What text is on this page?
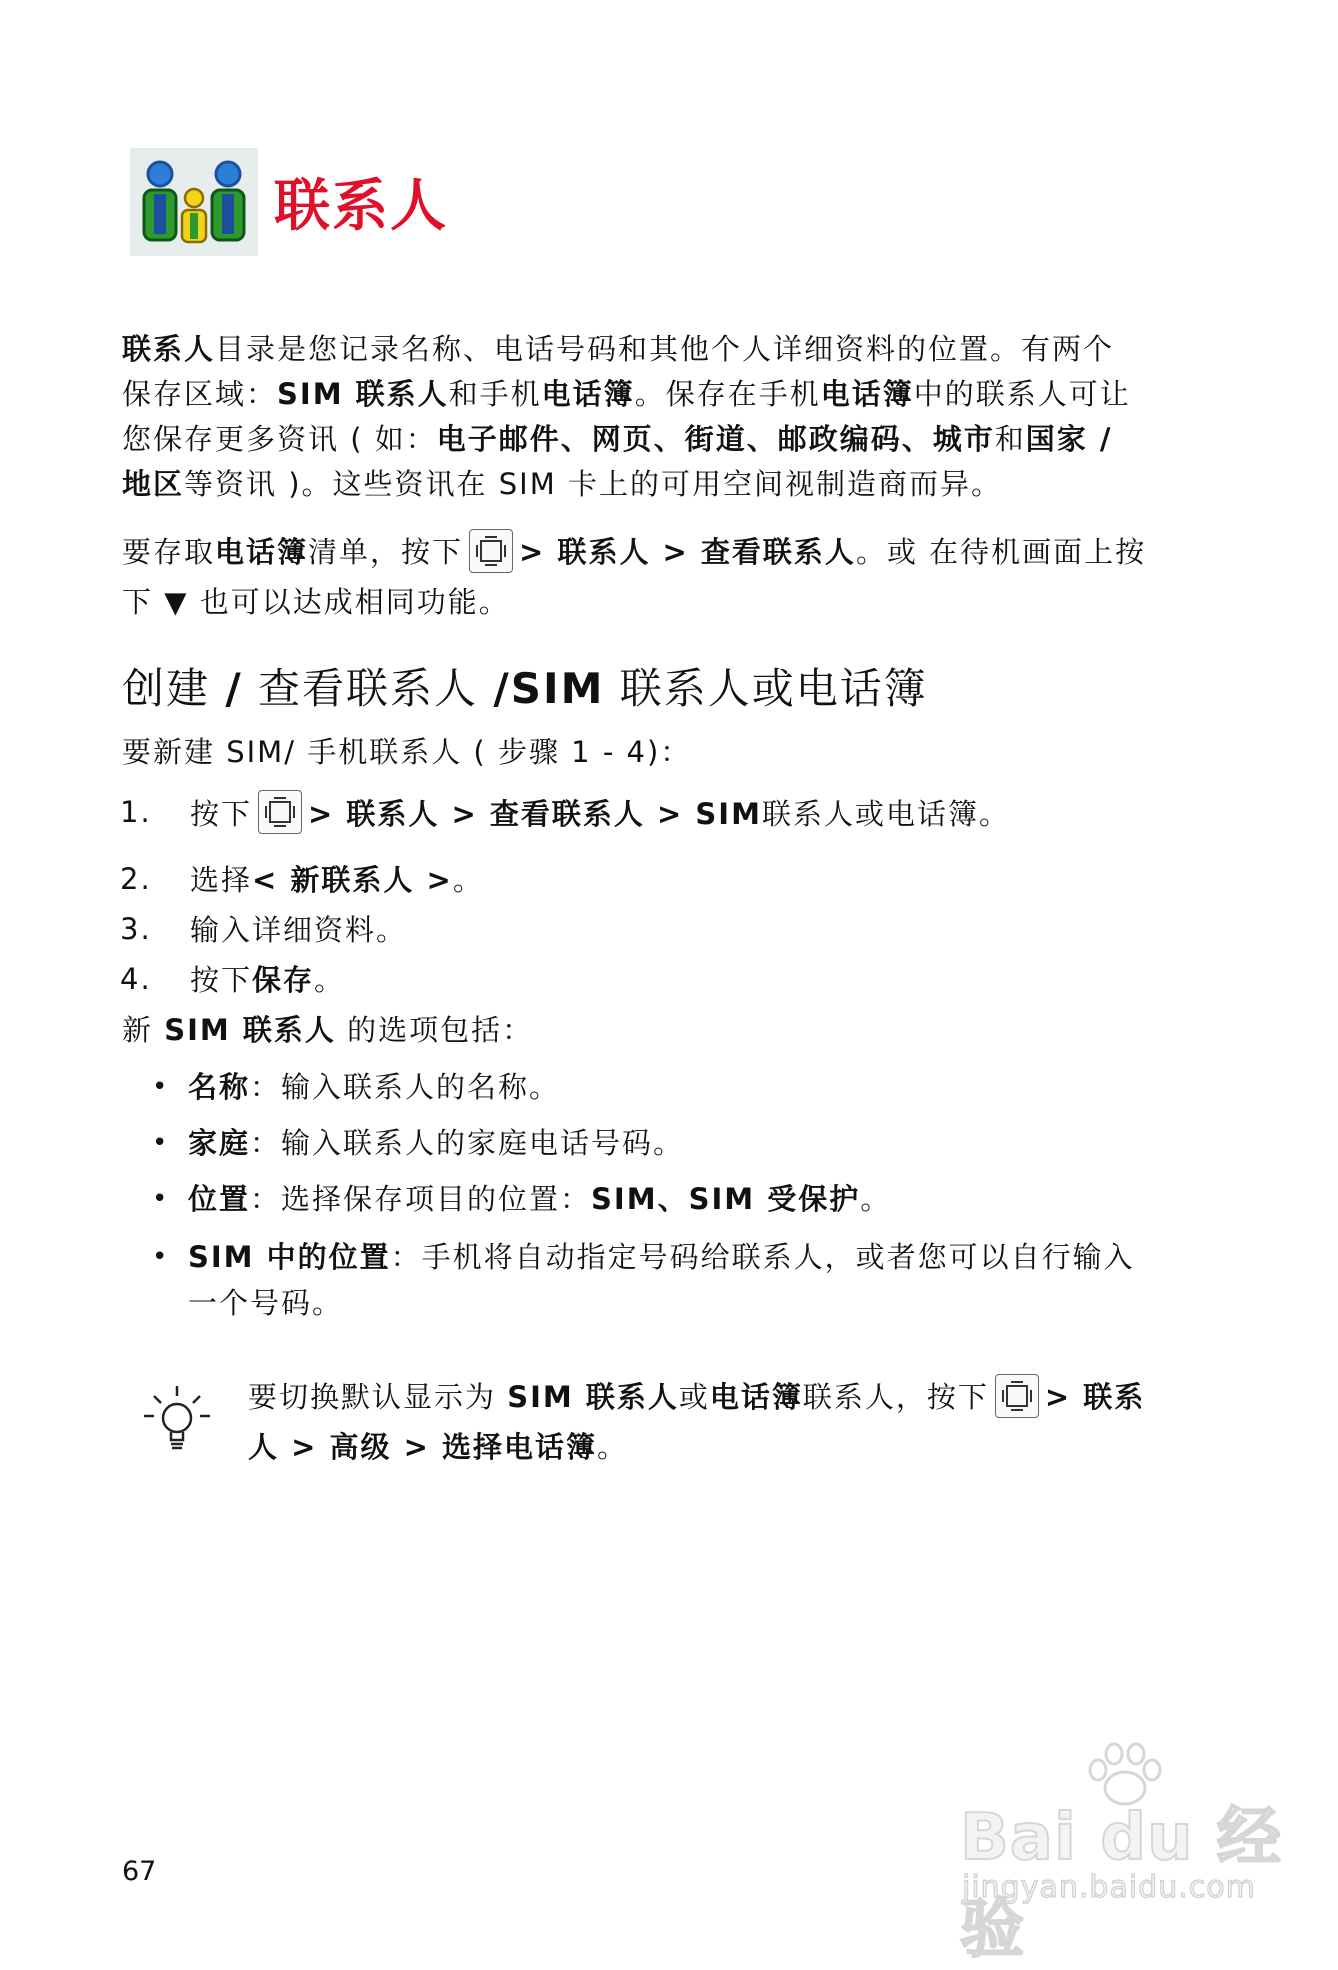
联系人
联系人目录是您记录名称、电话号码和其他个人详细资料的位置。有两个
保存区域：SIM 联系人和手机电话簿。保存在手机电话簿中的联系人可让
您保存更多资讯 ( 如：电子邮件、网页、街道、邮政编码、城市和国家 /
地区等资讯 )。这些资讯在 SIM 卡上的可用空间视制造商而异。
要存取电话簿清单，按下 > 联系人 > 查看联系人。或 在待机画面上按
下 ▼ 也可以达成相同功能。
创建 / 查看联系人 /SIM 联系人或电话簿
要新建 SIM/ 手机联系人 ( 步骤 1 - 4)：
1.	按下 > 联系人 > 查看联系人 > SIM 联系人或电话簿 。
2.	选择 < 新联系人 > 。
3.	输入详细资料。
4.	按下 保存 。
新 SIM 联系人 的选项包括：
• 名称：输入联系人的名称。
• 家庭：输入联系人的家庭电话号码。
• 位置：选择保存项目的位置：SIM、SIM 受保护。
• SIM 中的位置：手机将自动指定号码给联系人，或者您可以自行输入
一个号码。
要切换默认显示为 SIM 联系人或电话簿联系人，按下 > 联系
人 > 高级 > 选择电话簿。
67	Bai du 经验
jingyan.baidu.com
